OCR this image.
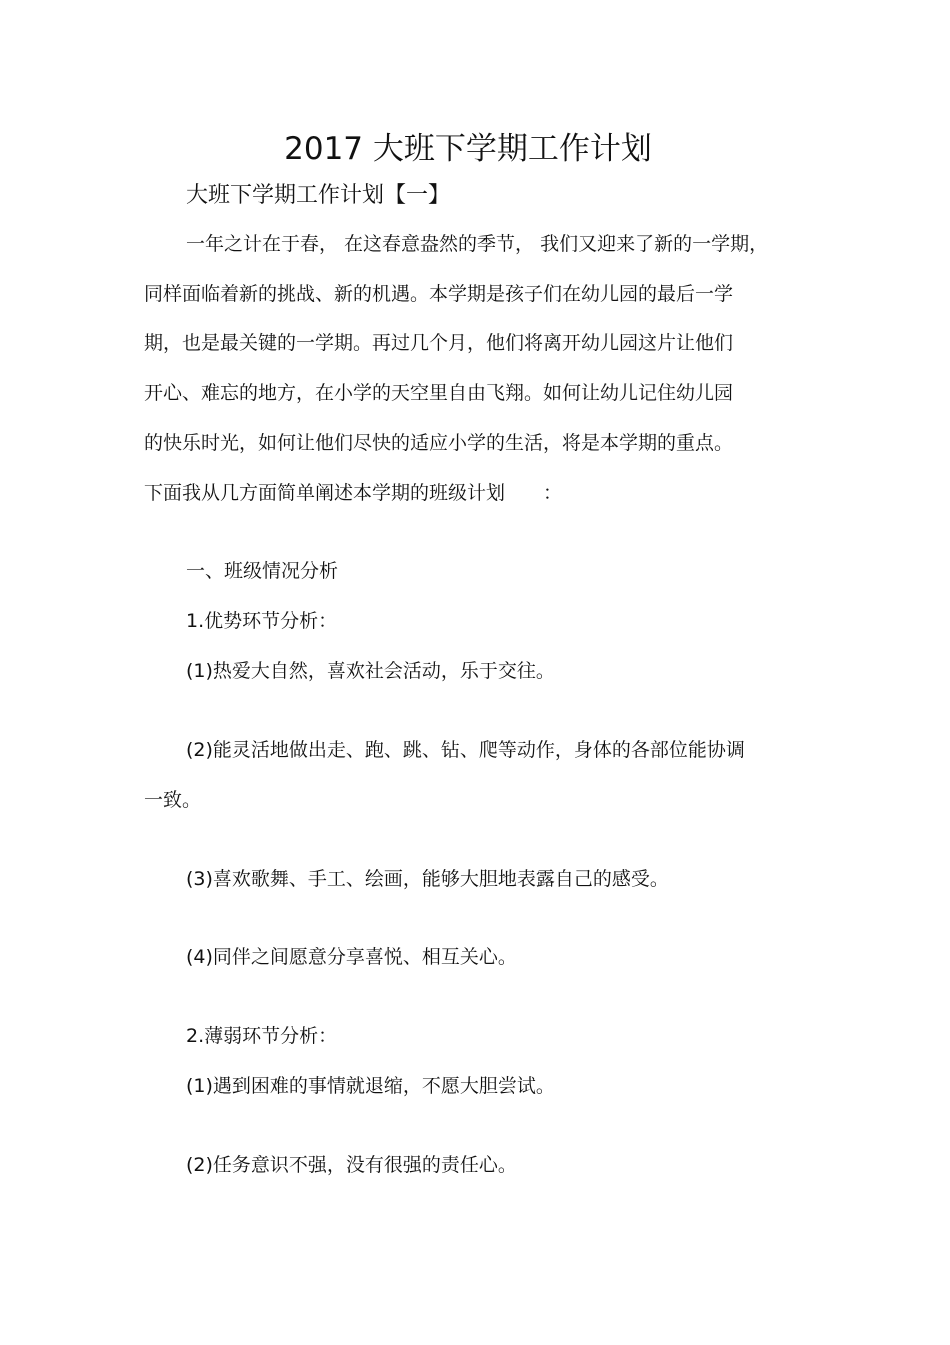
2017 大班下学期工作计划

大班下学期工作计划【一】

一年之计在于春， 在这春意盎然的季节， 我们又迎来了新的一学期，

同样面临着新的挑战、新的机遇。本学期是孩子们在幼儿园的最后一学

期，也是最关键的一学期。再过几个月，他们将离开幼儿园这片让他们

开心、难忘的地方，在小学的天空里自由飞翔。如何让幼儿记住幼儿园

的快乐时光，如何让他们尽快的适应小学的生活，将是本学期的重点。

下面我从几方面简单阐述本学期的班级计划　　：

一、班级情况分析

1.优势环节分析：

(1)热爱大自然，喜欢社会活动，乐于交往。

(2)能灵活地做出走、跑、跳、钻、爬等动作，身体的各部位能协调

一致。

(3)喜欢歌舞、手工、绘画，能够大胆地表露自己的感受。

(4)同伴之间愿意分享喜悦、相互关心。

2.薄弱环节分析：

(1)遇到困难的事情就退缩，不愿大胆尝试。

(2)任务意识不强，没有很强的责任心。
